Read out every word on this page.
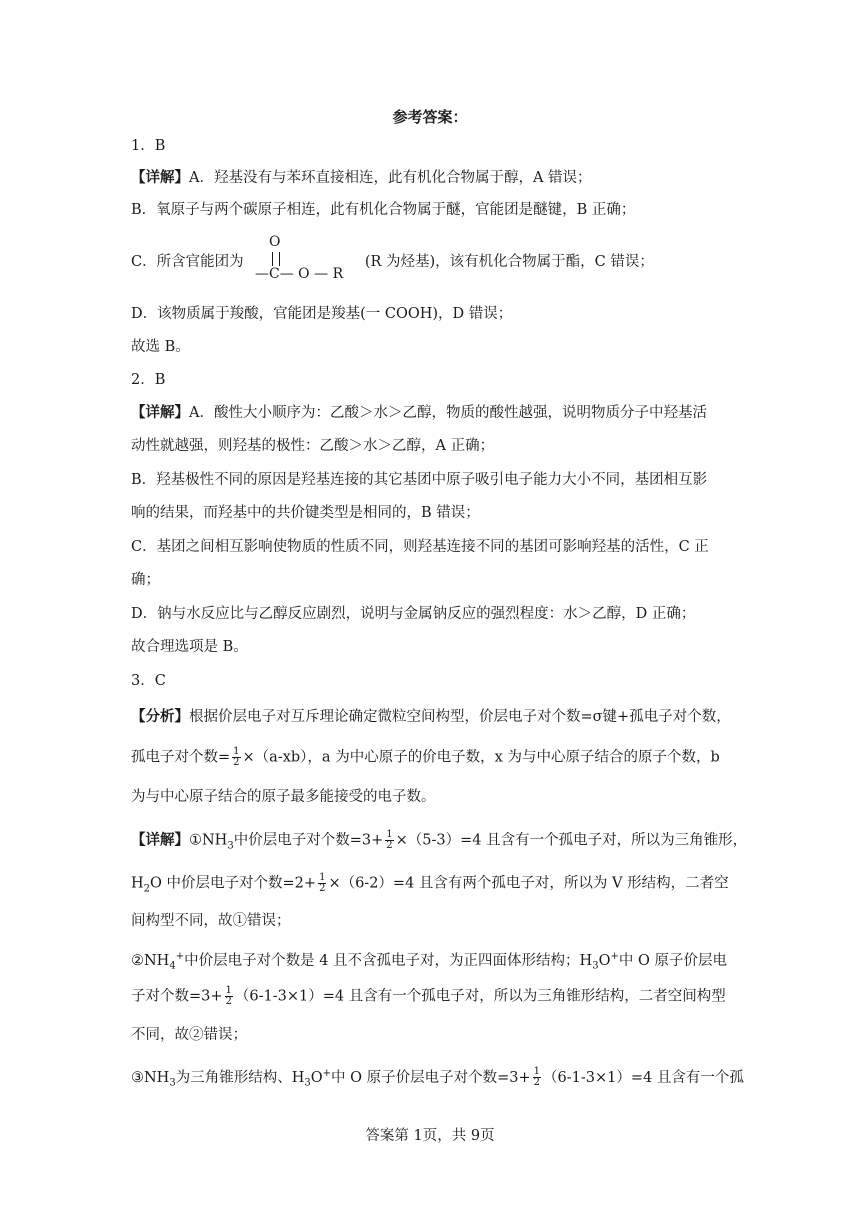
参考答案：
1．B
【详解】A．羟基没有与苯环直接相连，此有机化合物属于醇，A 错误；
B．氧原子与两个碳原子相连，此有机化合物属于醚，官能团是醚键，B 正确；
C．所含官能团为	(R 为烃基)，该有机化合物属于酯，C 错误；
O
—C— O — R
D．该物质属于羧酸，官能团是羧基(一 COOH)，D 错误；
故选 B。
2．B
【详解】A．酸性大小顺序为：乙酸＞水＞乙醇，物质的酸性越强，说明物质分子中羟基活
动性就越强，则羟基的极性：乙酸＞水＞乙醇，A 正确；
B．羟基极性不同的原因是羟基连接的其它基团中原子吸引电子能力大小不同，基团相互影
响的结果，而羟基中的共价键类型是相同的，B 错误；
C．基团之间相互影响使物质的性质不同，则羟基连接不同的基团可影响羟基的活性，C 正
确；
D．钠与水反应比与乙醇反应剧烈，说明与金属钠反应的强烈程度：水＞乙醇，D 正确；
故合理选项是 B。
3．C
【分析】根据价层电子对互斥理论确定微粒空间构型，价层电子对个数=σ键+孤电子对个数，
孤电子对个数= $\frac{1}{2} \times(a-xb)$，a 为中心原子的价电子数，x 为与中心原子结合的原子个数，b
为与中心原子结合的原子最多能接受的电子数。
【详解】$①NH_3$中价层电子对个数$=3+ \frac{1}{2} \times(5-3)=4$ 且含有一个孤电子对，所以为三角锥形，
$H_2O$ 中价层电子对个数$=2+ \frac{1}{2} \times(6-2)=4$ 且含有两个孤电子对，所以为 V 形结构，二者空
间构型不同，故①错误；
$②NH_4^+$中价层电子对个数是 4 且不含孤电子对，为正四面体形结构；$H_3O^+$中 O 原子价层电
子对个数$=3+ \frac{1}{2} (6-1-3\times 1)=4$ 且含有一个孤电子对，所以为三角锥形结构，二者空间构型
不同，故②错误；
$③NH_3$为三角锥形结构、$H_3O^+$中 O 原子价层电子对个数$=3+ \frac{1}{2} (6-1-3\times 1)=4$ 且含有一个孤
答案第 1页，共 9页
